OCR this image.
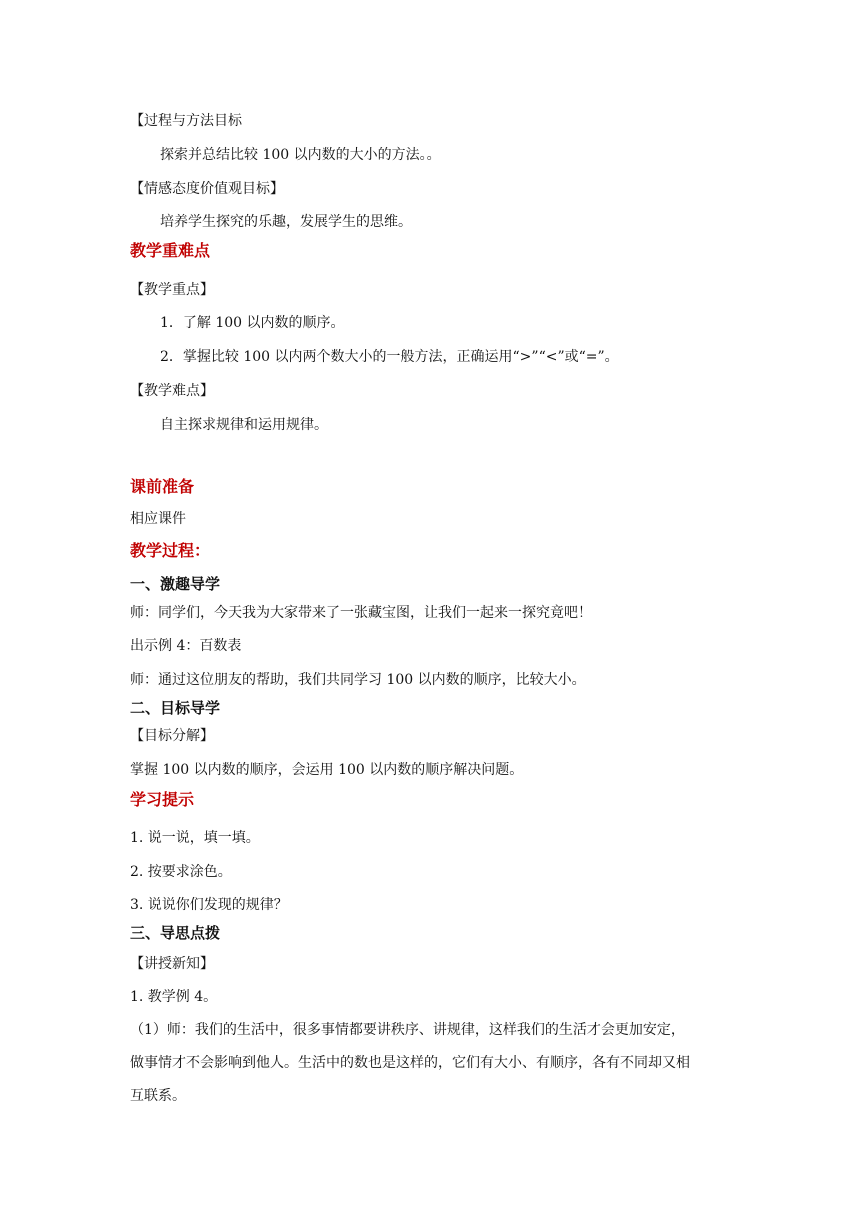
【过程与方法目标
探索并总结比较 100 以内数的大小的方法。。
【情感态度价值观目标】
培养学生探究的乐趣，发展学生的思维。
教学重难点
【教学重点】
1．了解 100 以内数的顺序。
2．掌握比较 100 以内两个数大小的一般方法，正确运用“>”“<”或“=”。
【教学难点】
自主探求规律和运用规律。
课前准备
相应课件
教学过程：
一、激趣导学
师：同学们，今天我为大家带来了一张藏宝图，让我们一起来一探究竟吧！
出示例 4：百数表
师：通过这位朋友的帮助，我们共同学习 100 以内数的顺序，比较大小。
二、目标导学
【目标分解】
掌握 100 以内数的顺序，会运用 100 以内数的顺序解决问题。
学习提示
1. 说一说，填一填。
2. 按要求涂色。
3. 说说你们发现的规律？
三、导思点拨
【讲授新知】
1. 教学例 4。
（1）师：我们的生活中，很多事情都要讲秩序、讲规律，这样我们的生活才会更加安定，
做事情才不会影响到他人。生活中的数也是这样的，它们有大小、有顺序，各有不同却又相
互联系。
